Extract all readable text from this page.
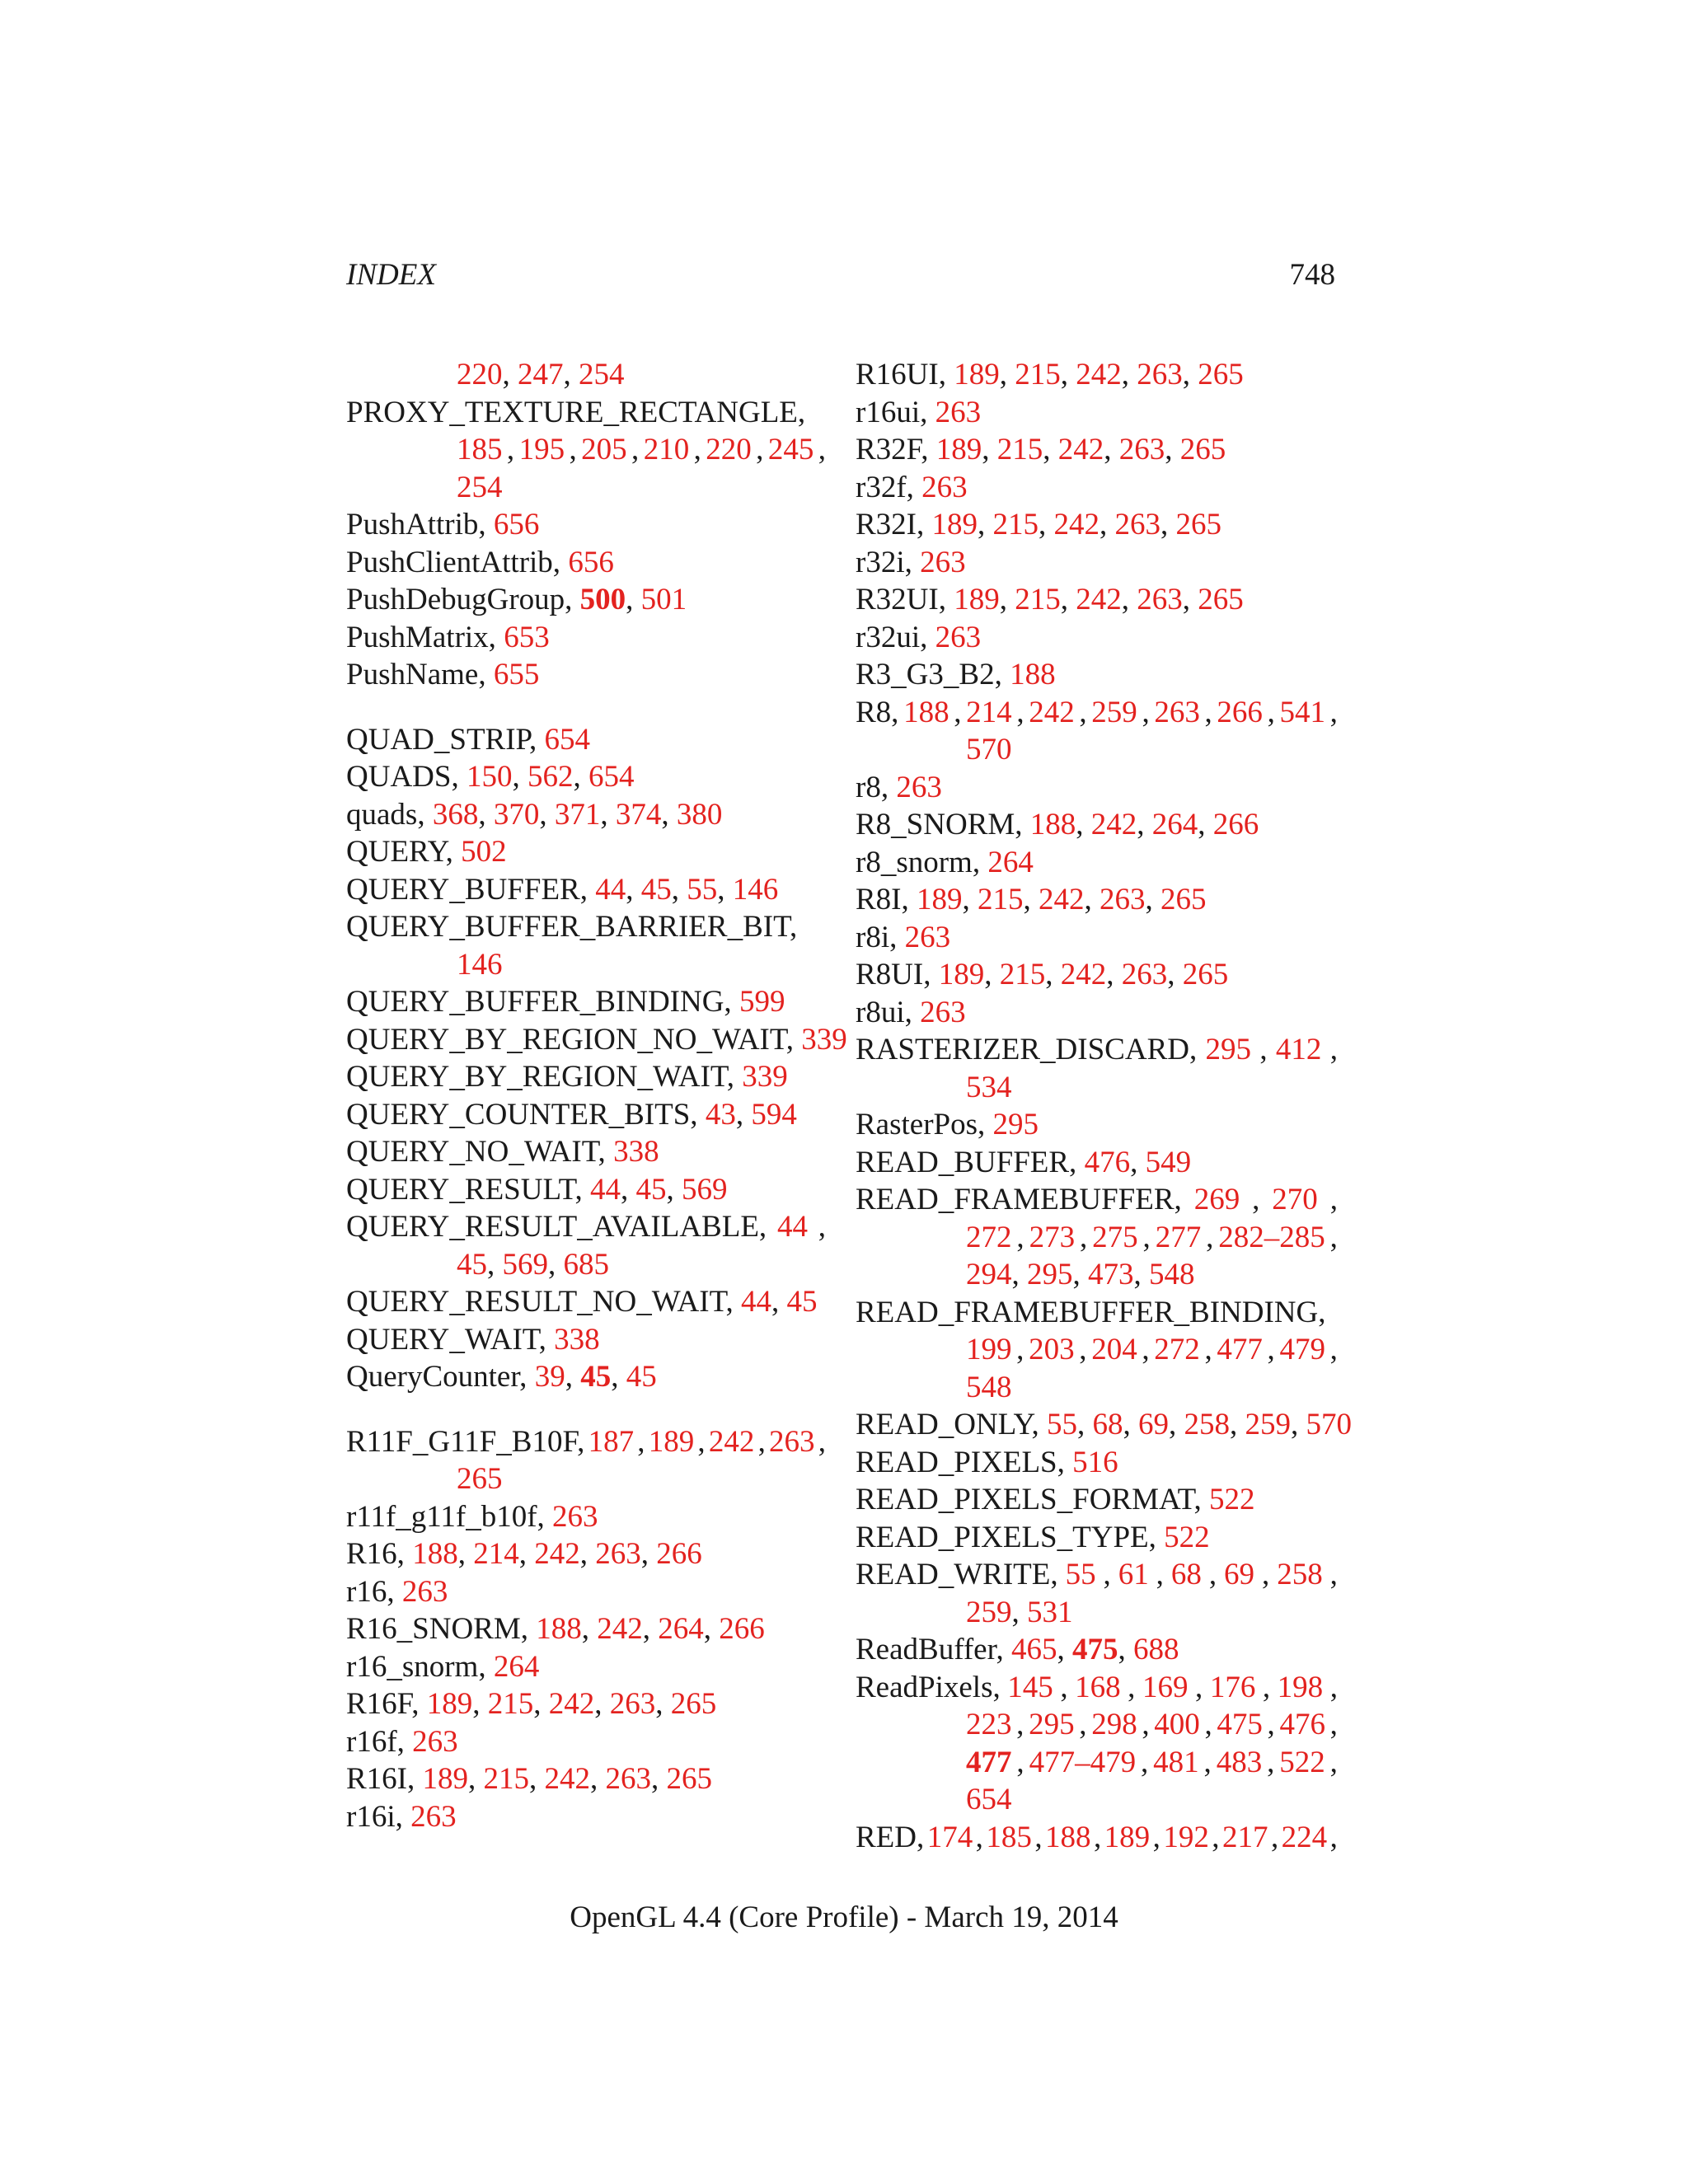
INDEX	748
220, 247, 254
PROXY_TEXTURE_RECTANGLE,
185 , 195 , 205 , 210 , 220 , 245 ,
254
PushAttrib, 656
PushClientAttrib, 656
PushDebugGroup, 500, 501
PushMatrix, 653
PushName, 655
QUAD_STRIP, 654
QUADS, 150, 562, 654
quads, 368, 370, 371, 374, 380
QUERY, 502
QUERY_BUFFER, 44, 45, 55, 146
QUERY_BUFFER_BARRIER_BIT,
146
QUERY_BUFFER_BINDING, 599
QUERY_BY_REGION_NO_WAIT, 339
QUERY_BY_REGION_WAIT, 339
QUERY_COUNTER_BITS, 43, 594
QUERY_NO_WAIT, 338
QUERY_RESULT, 44, 45, 569
QUERY_RESULT_AVAILABLE, 44 ,
45, 569, 685
QUERY_RESULT_NO_WAIT, 44, 45
QUERY_WAIT, 338
QueryCounter, 39, 45, 45
R11F_G11F_B10F, 187 , 189 , 242 , 263 ,
265
r11f_g11f_b10f, 263
R16, 188, 214, 242, 263, 266
r16, 263
R16_SNORM, 188, 242, 264, 266
r16_snorm, 264
R16F, 189, 215, 242, 263, 265
r16f, 263
R16I, 189, 215, 242, 263, 265
r16i, 263
R16UI, 189, 215, 242, 263, 265
r16ui, 263
R32F, 189, 215, 242, 263, 265
r32f, 263
R32I, 189, 215, 242, 263, 265
r32i, 263
R32UI, 189, 215, 242, 263, 265
r32ui, 263
R3_G3_B2, 188
R8, 188 , 214 , 242 , 259 , 263 , 266 , 541 ,
570
r8, 263
R8_SNORM, 188, 242, 264, 266
r8_snorm, 264
R8I, 189, 215, 242, 263, 265
r8i, 263
R8UI, 189, 215, 242, 263, 265
r8ui, 263
RASTERIZER_DISCARD, 295 , 412 ,
534
RasterPos, 295
READ_BUFFER, 476, 549
READ_FRAMEBUFFER, 269 , 270 ,
272 , 273 , 275 , 277 , 282–285 ,
294, 295, 473, 548
READ_FRAMEBUFFER_BINDING,
199 , 203 , 204 , 272 , 477 , 479 ,
548
READ_ONLY, 55, 68, 69, 258, 259, 570
READ_PIXELS, 516
READ_PIXELS_FORMAT, 522
READ_PIXELS_TYPE, 522
READ_WRITE, 55 , 61 , 68 , 69 , 258 ,
259, 531
ReadBuffer, 465, 475, 688
ReadPixels, 145 , 168 , 169 , 176 , 198 ,
223 , 295 , 298 , 400 , 475 , 476 ,
477 , 477–479 , 481 , 483 , 522 ,
654
RED, 174 , 185 , 188 , 189 , 192 , 217 , 224 ,
OpenGL 4.4 (Core Profile) - March 19, 2014
